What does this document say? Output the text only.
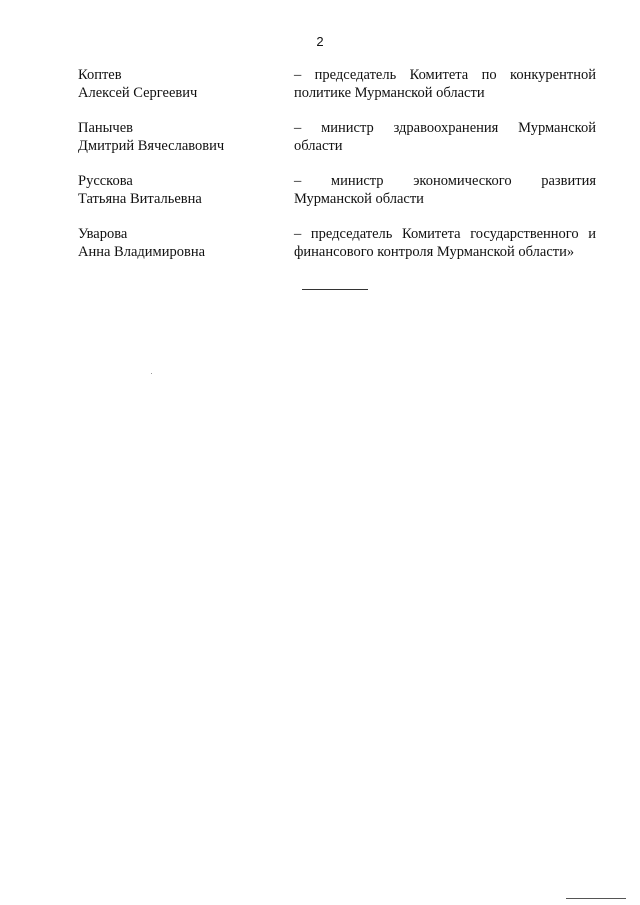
2
Коптев
Алексей Сергеевич
– председатель Комитета по конкурентной
политике Мурманской области
Панычев
Дмитрий Вячеславович
– министр здравоохранения Мурманской
области
Русскова
Татьяна Витальевна
– министр экономического развития
Мурманской области
Уварова
Анна Владимировна
– председатель Комитета государственного и
финансового контроля Мурманской области»
